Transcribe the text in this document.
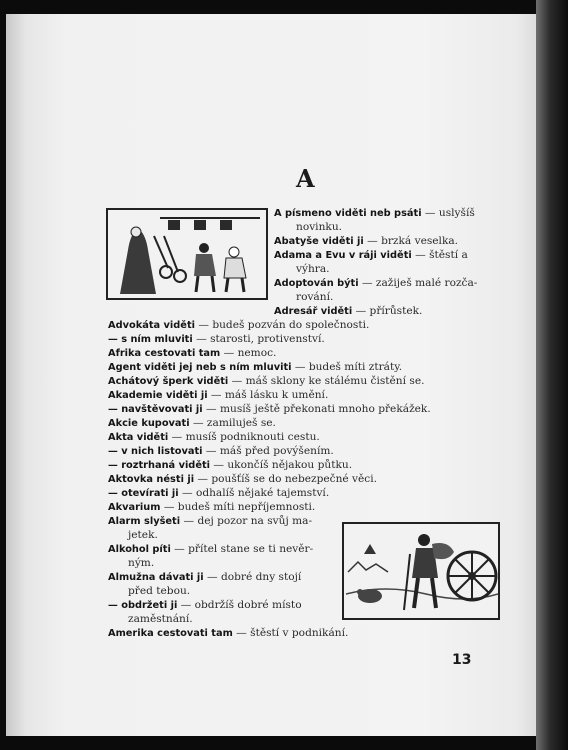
A
A písmeno viděti neb psáti — uslyšíš
novinku.
Abatyše viděti ji — brzká veselka.
Adama a Evu v ráji viděti — štěstí a
výhra.
Adoptován býti — zažiješ malé rozča-
rování.
Adresář viděti — přírůstek.
Advokáta viděti — budeš pozván do společnosti.
— s ním mluviti — starosti, protivenství.
Afrika cestovati tam — nemoc.
Agent viděti jej neb s ním mluviti — budeš míti ztráty.
Achátový šperk viděti — máš sklony ke stálému čistění se.
Akademie viděti ji — máš lásku k umění.
— navštěvovati ji — musíš ještě překonati mnoho překážek.
Akcie kupovati — zamiluješ se.
Akta viděti — musíš podniknouti cestu.
— v nich listovati — máš před povýšením.
— roztrhaná viděti — ukončíš nějakou půtku.
Aktovka nésti ji — poušťíš se do nebezpečné věci.
— otevírati ji — odhalíš nějaké tajemství.
Akvarium — budeš míti nepříjemnosti.
Alarm slyšeti — dej pozor na svůj ma-
jetek.
Alkohol píti — přítel stane se ti nevěr-
ným.
Almužna dávati ji — dobré dny stojí
před tebou.
— obdržeti ji — obdržíš dobré místo
zaměstnání.
Amerika cestovati tam — štěstí v podnikání.
13
